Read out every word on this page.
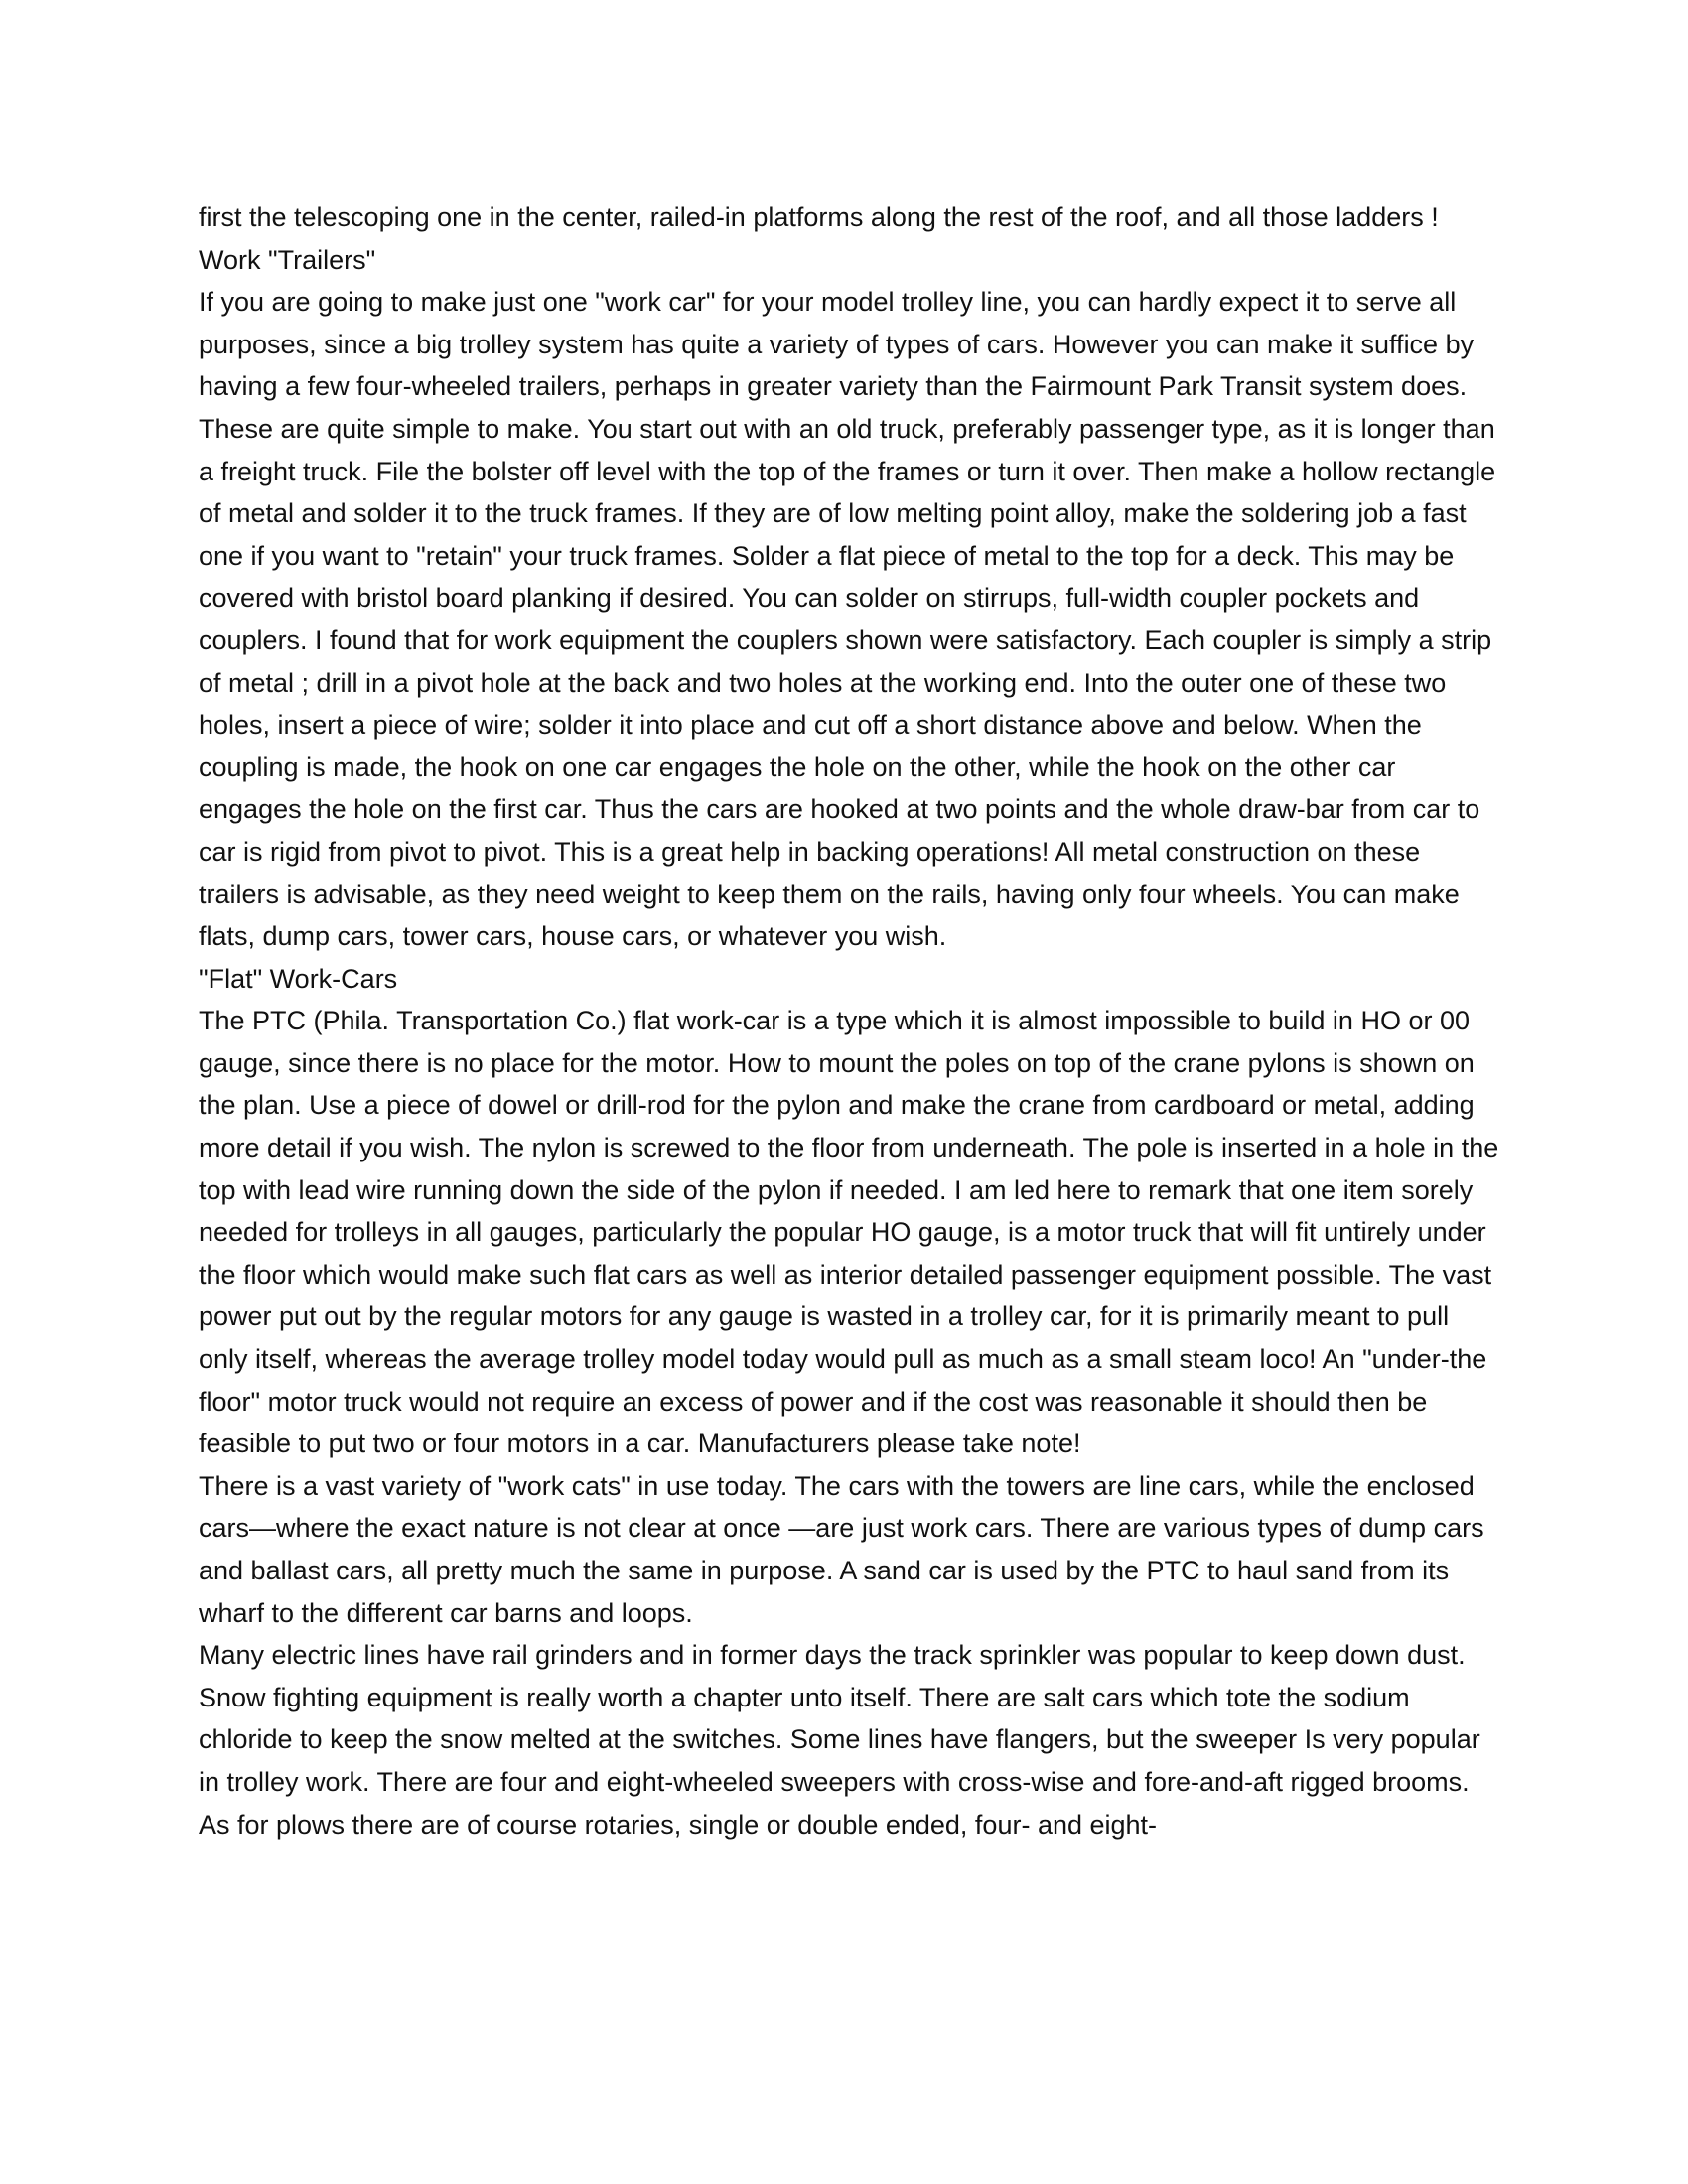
first the telescoping one in the center, railed-in platforms along the rest of the roof, and all those ladders !

Work "Trailers"

If you are going to make just one "work car" for your model trolley line, you can hardly expect it to serve all purposes, since a big trolley system has quite a variety of types of cars. However you can make it suffice by having a few four-wheeled trailers, perhaps in greater variety than the Fairmount Park Transit system does. These are quite simple to make. You start out with an old truck, preferably passenger type, as it is longer than a freight truck. File the bolster off level with the top of the frames or turn it over. Then make a hollow rectangle of metal and solder it to the truck frames. If they are of low melting point alloy, make the soldering job a fast one if you want to "retain" your truck frames. Solder a flat piece of metal to the top for a deck. This may be covered with bristol board planking if desired. You can solder on stirrups, full-width coupler pockets and couplers. I found that for work equipment the couplers shown were satisfactory. Each coupler is simply a strip of metal ; drill in a pivot hole at the back and two holes at the working end. Into the outer one of these two holes, insert a piece of wire; solder it into place and cut off a short distance above and below. When the coupling is made, the hook on one car engages the hole on the other, while the hook on the other car engages the hole on the first car. Thus the cars are hooked at two points and the whole draw-bar from car to car is rigid from pivot to pivot. This is a great help in backing operations! All metal construction on these trailers is advisable, as they need weight to keep them on the rails, having only four wheels. You can make flats, dump cars, tower cars, house cars, or whatever you wish.

"Flat" Work-Cars

The PTC (Phila. Transportation Co.) flat work-car is a type which it is almost impossible to build in HO or 00 gauge, since there is no place for the motor. How to mount the poles on top of the crane pylons is shown on the plan. Use a piece of dowel or drill-rod for the pylon and make the crane from cardboard or metal, adding more detail if you wish. The nylon is screwed to the floor from underneath. The pole is inserted in a hole in the top with lead wire running down the side of the pylon if needed. I am led here to remark that one item sorely needed for trolleys in all gauges, particularly the popular HO gauge, is a motor truck that will fit untirely under the floor which would make such flat cars as well as interior detailed passenger equipment possible. The vast power put out by the regular motors for any gauge is wasted in a trolley car, for it is primarily meant to pull only itself, whereas the average trolley model today would pull as much as a small steam loco! An "under-the floor" motor truck would not require an excess of power and if the cost was reasonable it should then be feasible to put two or four motors in a car. Manufacturers please take note!

There is a vast variety of "work cats" in use today. The cars with the towers are line cars, while the enclosed cars—where the exact nature is not clear at once —are just work cars. There are various types of dump cars and ballast cars, all pretty much the same in purpose. A sand car is used by the PTC to haul sand from its wharf to the different car barns and loops.

Many electric lines have rail grinders and in former days the track sprinkler was popular to keep down dust. Snow fighting equipment is really worth a chapter unto itself. There are salt cars which tote the sodium chloride to keep the snow melted at the switches. Some lines have flangers, but the sweeper Is very popular in trolley work. There are four and eight-wheeled sweepers with cross-wise and fore-and-aft rigged brooms. As for plows there are of course rotaries, single or double ended, four- and eight-
